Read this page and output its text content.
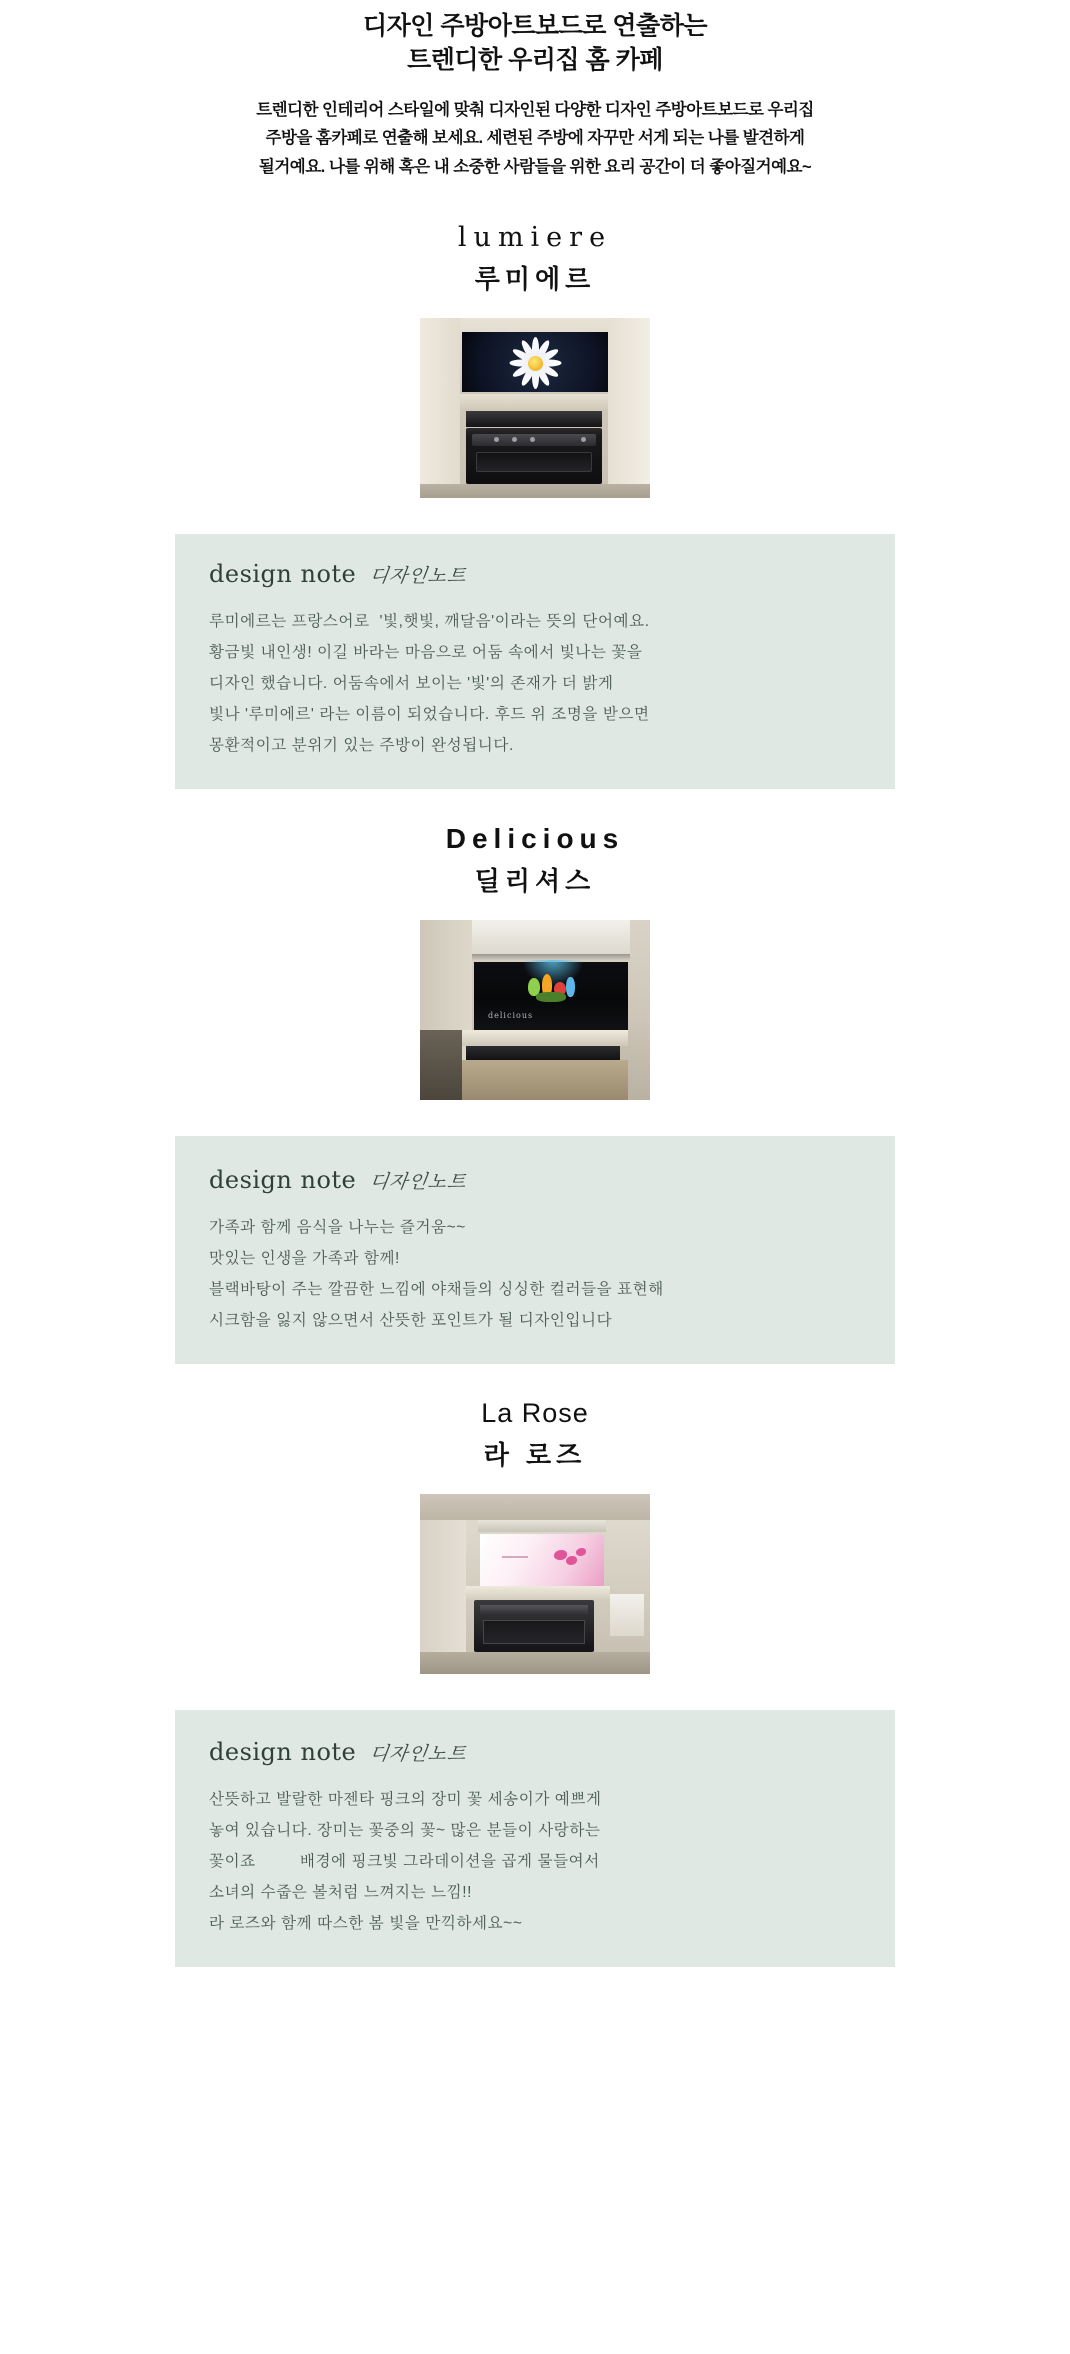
디자인 주방아트보드로 연출하는
트렌디한 우리집 홈 카페

트렌디한 인테리어 스타일에 맞춰 디자인된 다양한 디자인 주방아트보드로 우리집
주방을 홈카페로 연출해 보세요. 세련된 주방에 자꾸만 서게 되는 나를 발견하게
될거예요. 나를 위해 혹은 내 소중한 사람들을 위한 요리 공간이 더 좋아질거예요~

lumiere
루미에르
design note 디자인노트
루미에르는 프랑스어로  '빛,햇빛, 깨달음'이라는 뜻의 단어예요.
황금빛 내인생! 이길 바라는 마음으로 어둠 속에서 빛나는 꽃을
디자인 했습니다. 어둠속에서 보이는 '빛'의 존재가 더 밝게
빛나 '루미에르' 라는 이름이 되었습니다. 후드 위 조명을 받으면
몽환적이고 분위기 있는 주방이 완성됩니다.
Delicious
딜리셔스
delicious
design note 디자인노트
가족과 함께 음식을 나누는 즐거움~~
맛있는 인생을 가족과 함께!
블랙바탕이 주는 깔끔한 느낌에 야채들의 싱싱한 컬러들을 표현해
시크함을 잃지 않으면서 산뜻한 포인트가 될 디자인입니다
La Rose
라 로즈
design note 디자인노트
산뜻하고 발랄한 마젠타 핑크의 장미 꽃 세송이가 예쁘게
놓여 있습니다. 장미는 꽃중의 꽃~ 많은 분들이 사랑하는
꽃이죠         배경에 핑크빛 그라데이션을 곱게 물들여서
소녀의 수줍은 볼처럼 느껴지는 느낌!!
라 로즈와 함께 따스한 봄 빛을 만끽하세요~~
